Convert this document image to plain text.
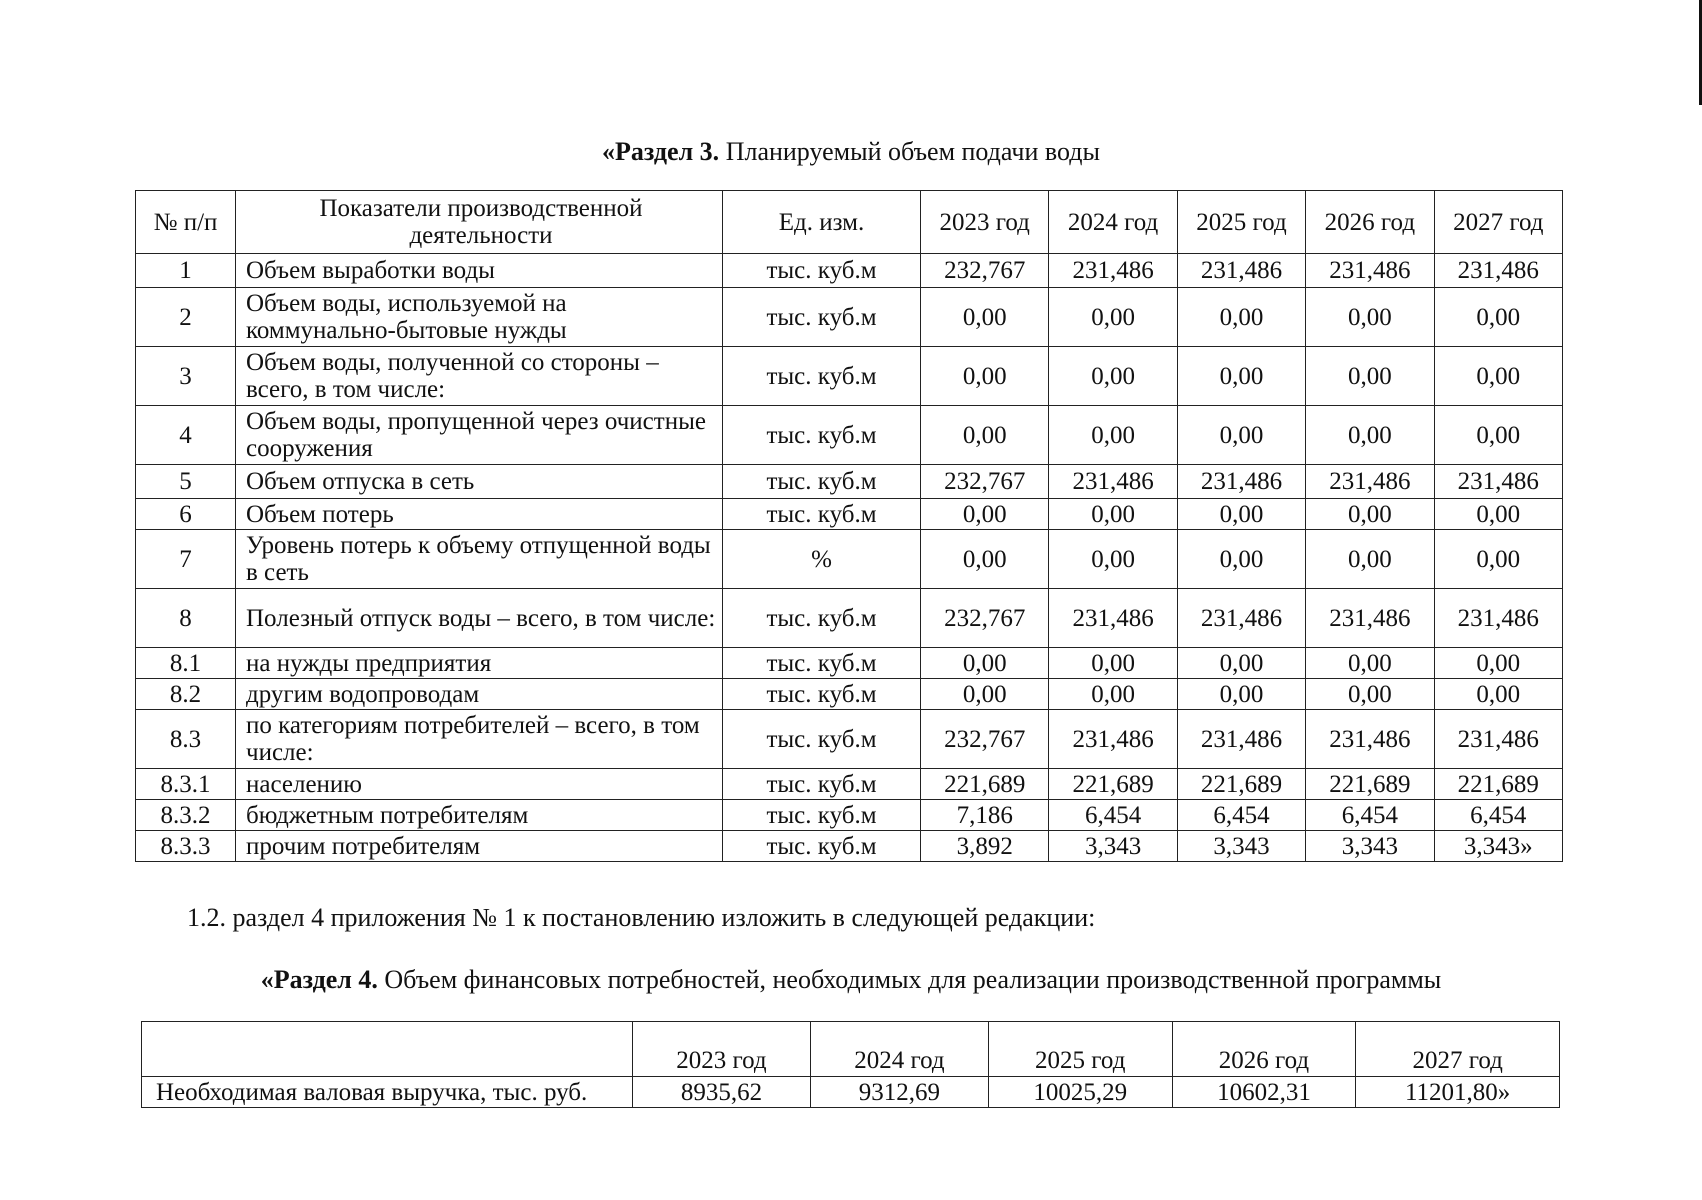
«Раздел 3. Планируемый объем подачи воды
№ п/п	Показатели производственной деятельности	Ед. изм.	2023 год	2024 год	2025 год	2026 год	2027 год
1	Объем выработки воды	тыс. куб.м	232,767	231,486	231,486	231,486	231,486
2	Объем воды, используемой на коммунально-бытовые нужды	тыс. куб.м	0,00	0,00	0,00	0,00	0,00
3	Объем воды, полученной со стороны – всего, в том числе:	тыс. куб.м	0,00	0,00	0,00	0,00	0,00
4	Объем воды, пропущенной через очистные сооружения	тыс. куб.м	0,00	0,00	0,00	0,00	0,00
5	Объем отпуска в сеть	тыс. куб.м	232,767	231,486	231,486	231,486	231,486
6	Объем потерь	тыс. куб.м	0,00	0,00	0,00	0,00	0,00
7	Уровень потерь к объему отпущенной воды в сеть	%	0,00	0,00	0,00	0,00	0,00
8	Полезный отпуск воды – всего, в том числе:	тыс. куб.м	232,767	231,486	231,486	231,486	231,486
8.1	на нужды предприятия	тыс. куб.м	0,00	0,00	0,00	0,00	0,00
8.2	другим водопроводам	тыс. куб.м	0,00	0,00	0,00	0,00	0,00
8.3	по категориям потребителей – всего, в том числе:	тыс. куб.м	232,767	231,486	231,486	231,486	231,486
8.3.1	населению	тыс. куб.м	221,689	221,689	221,689	221,689	221,689
8.3.2	бюджетным потребителям	тыс. куб.м	7,186	6,454	6,454	6,454	6,454
8.3.3	прочим потребителям	тыс. куб.м	3,892	3,343	3,343	3,343	3,343»
1.2. раздел 4 приложения № 1 к постановлению изложить в следующей редакции:
«Раздел 4. Объем финансовых потребностей, необходимых для реализации производственной программы
	2023 год	2024 год	2025 год	2026 год	2027 год
Необходимая валовая выручка, тыс. руб.	8935,62	9312,69	10025,29	10602,31	11201,80»
